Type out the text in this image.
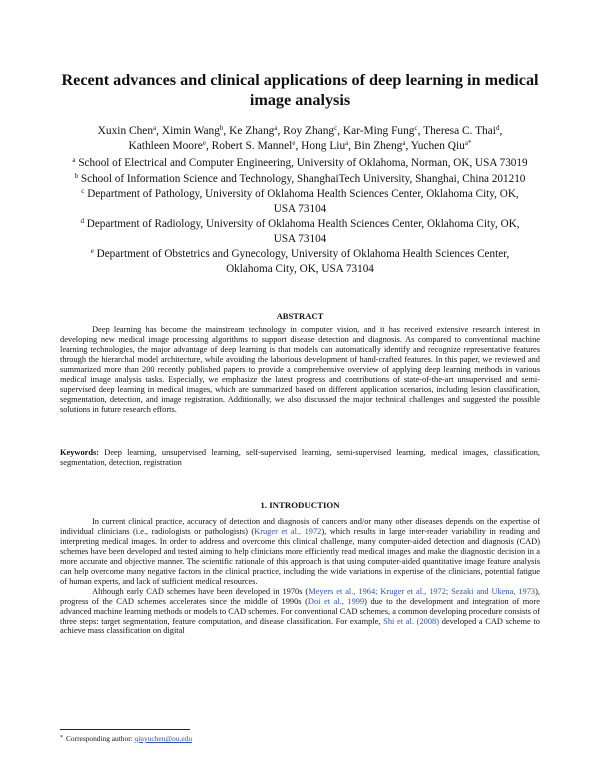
Recent advances and clinical applications of deep learning in medical image analysis
Xuxin Chen$^a$, Ximin Wang$^b$, Ke Zhang$^a$, Roy Zhang$^c$, Kar-Ming Fung$^c$, Theresa C. Thai$^d$,
Kathleen Moore$^e$, Robert S. Mannel$^e$, Hong Liu$^a$, Bin Zheng$^a$, Yuchen Qiu$^{a*}$
$^a$ School of Electrical and Computer Engineering, University of Oklahoma, Norman, OK, USA 73019
$^b$ School of Information Science and Technology, ShanghaiTech University, Shanghai, China 201210
$^c$ Department of Pathology, University of Oklahoma Health Sciences Center, Oklahoma City, OK, USA 73104
$^d$ Department of Radiology, University of Oklahoma Health Sciences Center, Oklahoma City, OK, USA 73104
$^e$ Department of Obstetrics and Gynecology, University of Oklahoma Health Sciences Center, Oklahoma City, OK, USA 73104
ABSTRACT

Deep learning has become the mainstream technology in computer vision, and it has received extensive research interest in developing new medical image processing algorithms to support disease detection and diagnosis. As compared to conventional machine learning technologies, the major advantage of deep learning is that models can automatically identify and recognize representative features through the hierarchal model architecture, while avoiding the laborious development of hand-crafted features. In this paper, we reviewed and summarized more than 200 recently published papers to provide a comprehensive overview of applying deep learning methods in various medical image analysis tasks. Especially, we emphasize the latest progress and contributions of state-of-the-art unsupervised and semi-supervised deep learning in medical images, which are summarized based on different application scenarios, including lesion classification, segmentation, detection, and image registration. Additionally, we also discussed the major technical challenges and suggested the possible solutions in future research efforts.

Keywords: Deep learning, unsupervised learning, self-supervised learning, semi-supervised learning, medical images, classification, segmentation, detection, registration
1. INTRODUCTION

In current clinical practice, accuracy of detection and diagnosis of cancers and/or many other diseases depends on the expertise of individual clinicians (i.e., radiologists or pathologists) (Kruger et al., 1972), which results in large inter-reader variability in reading and interpreting medical images. In order to address and overcome this clinical challenge, many computer-aided detection and diagnosis (CAD) schemes have been developed and tested aiming to help clinicians more efficiently read medical images and make the diagnostic decision in a more accurate and objective manner. The scientific rationale of this approach is that using computer-aided quantitative image feature analysis can help overcome many negative factors in the clinical practice, including the wide variations in expertise of the clinicians, potential fatigue of human experts, and lack of sufficient medical resources.

Although early CAD schemes have been developed in 1970s (Meyers et al., 1964; Kruger et al., 1972; Sezaki and Ukena, 1973), progress of the CAD schemes accelerates since the middle of 1990s (Doi et al., 1999) due to the development and integration of more advanced machine learning methods or models to CAD schemes. For conventional CAD schemes, a common developing procedure consists of three steps: target segmentation, feature computation, and disease classification. For example, Shi et al. (2008) developed a CAD scheme to achieve mass classification on digital

* Corresponding author: qiuyuchen@ou.edu
